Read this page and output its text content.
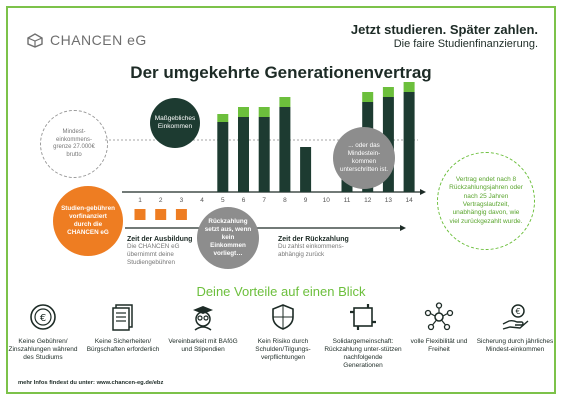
CHANCEN eG
Jetzt studieren. Später zahlen.
Die faire Studienfinanzierung.
Der umgekehrte Generationenvertrag
1	2	3	4	5	6	7	8	9 10 11 12 13 14
Mindest-einkommens-grenze 27.000€ brutto
Maßgebliches Einkommen
Studien-gebühren vorfinanziert durch die CHANCEN eG
... oder das Mindestein-kommen unterschritten ist.
Rückzahlung setzt aus, wenn kein Einkommen vorliegt…
Vertrag endet nach 8 Rückzahlungsjahren oder nach 25 Jahren Vertragslaufzeit, unabhängig davon, wie viel zurückgezahlt wurde.
Zeit der Ausbildung
Die CHANCEN eG übernimmt deine Studiengebühren
Zeit der Rückzahlung
Du zahlst einkommens-abhängig zurück
Deine Vorteile auf einen Blick
€
Keine Gebühren/ Zinszahlungen während des Studiums
Keine Sicherheiten/ Bürgschaften erforderlich
Vereinbarkeit mit BAföG und Stipendien
Kein Risiko durch Schulden/Tilgungs-verpflichtungen
Solidargemeinschaft: Rückzahlung unter-stützen nachfolgende Generationen
volle Flexibilität und Freiheit
€
Sicherung durch jährliches Mindest-einkommen
mehr Infos findest du unter: www.chancen-eg.de/ebz
